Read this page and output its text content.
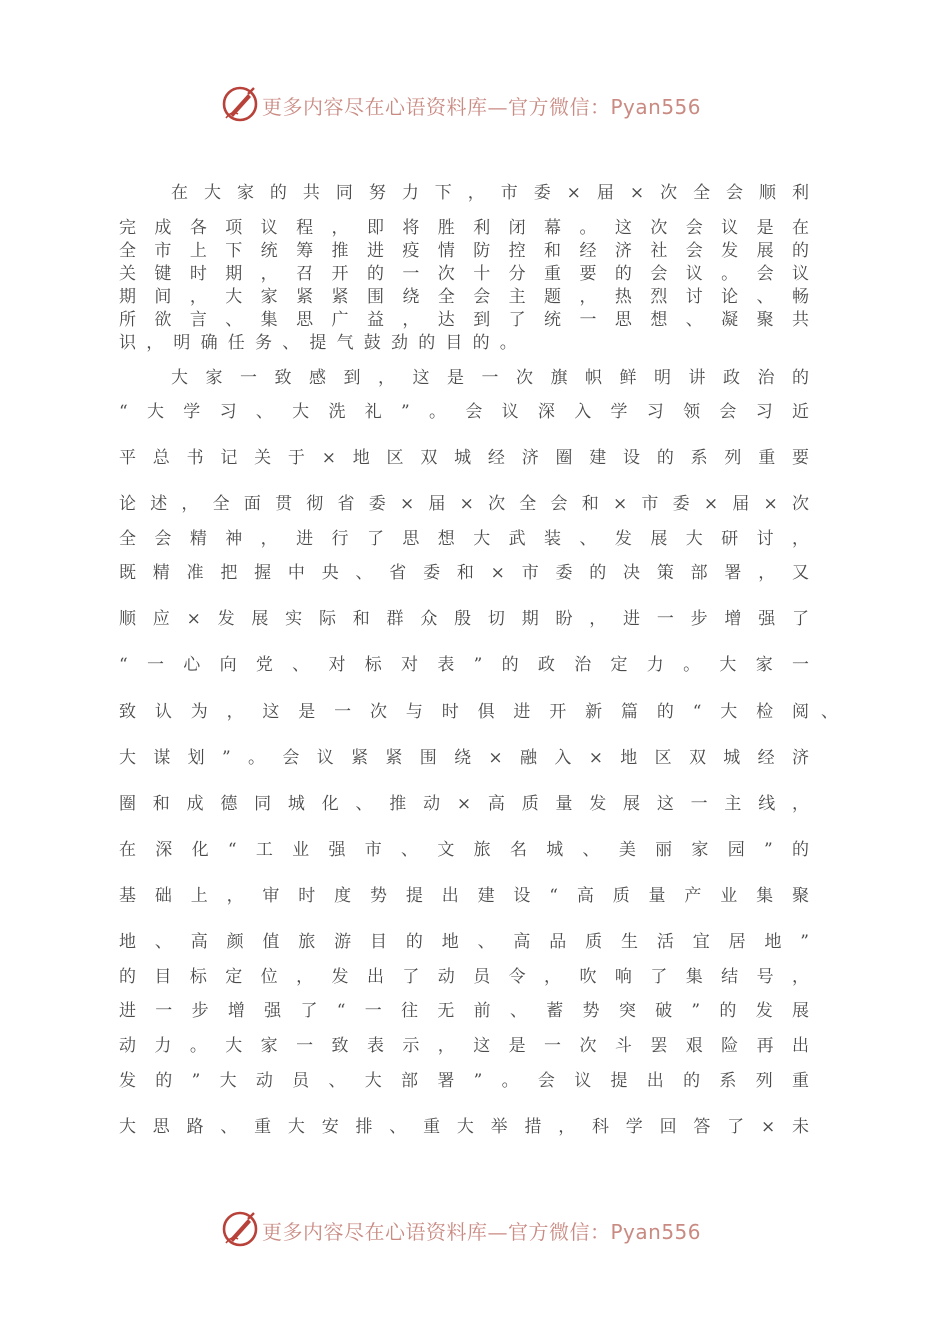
更多内容尽在心语资料库—官方微信：Pyan556
在大家的共同努力下，市委×届×次全会顺利
完成各项议程，即将胜利闭幕。这次会议是在
全市上下统筹推进疫情防控和经济社会发展的
关键时期，召开的一次十分重要的会议。会议
期间，大家紧紧围绕全会主题，热烈讨论、畅
所欲言、集思广益，达到了统一思想、凝聚共
识，明确任务、提气鼓劲的目的。
大家一致感到，这是一次旗帜鲜明讲政治的
“大学习、大洗礼”。会议深入学习领会习近
平总书记关于×地区双城经济圈建设的系列重要
论述，全面贯彻省委×届×次全会和×市委×届×次
全会精神，进行了思想大武装、发展大研讨，
既精准把握中央、省委和×市委的决策部署，又
顺应×发展实际和群众殷切期盼，进一步增强了
“一心向党、对标对表”的政治定力。大家一
致认为，这是一次与时俱进开新篇的“大检阅 、
大谋划”。会议紧紧围绕×融入×地区双城经济
圈和成德同城化、推动×高质量发展这一主线，
在深化“工业强市、文旅名城、美丽家园”的
基础上，审时度势提出建设“高质量产业集聚
地、高颜值旅游目的地、高品质生活宜居地”
的目标定位，发出了动员令，吹响了集结号，
进一步增强了“一往无前、蓄势突破”的发展
动力。大家一致表示，这是一次斗罢艰险再出
发的”大动员、大部署”。会议提出的系列重
大思路、重大安排、重大举措，科学回答了×未
更多内容尽在心语资料库—官方微信：Pyan556
